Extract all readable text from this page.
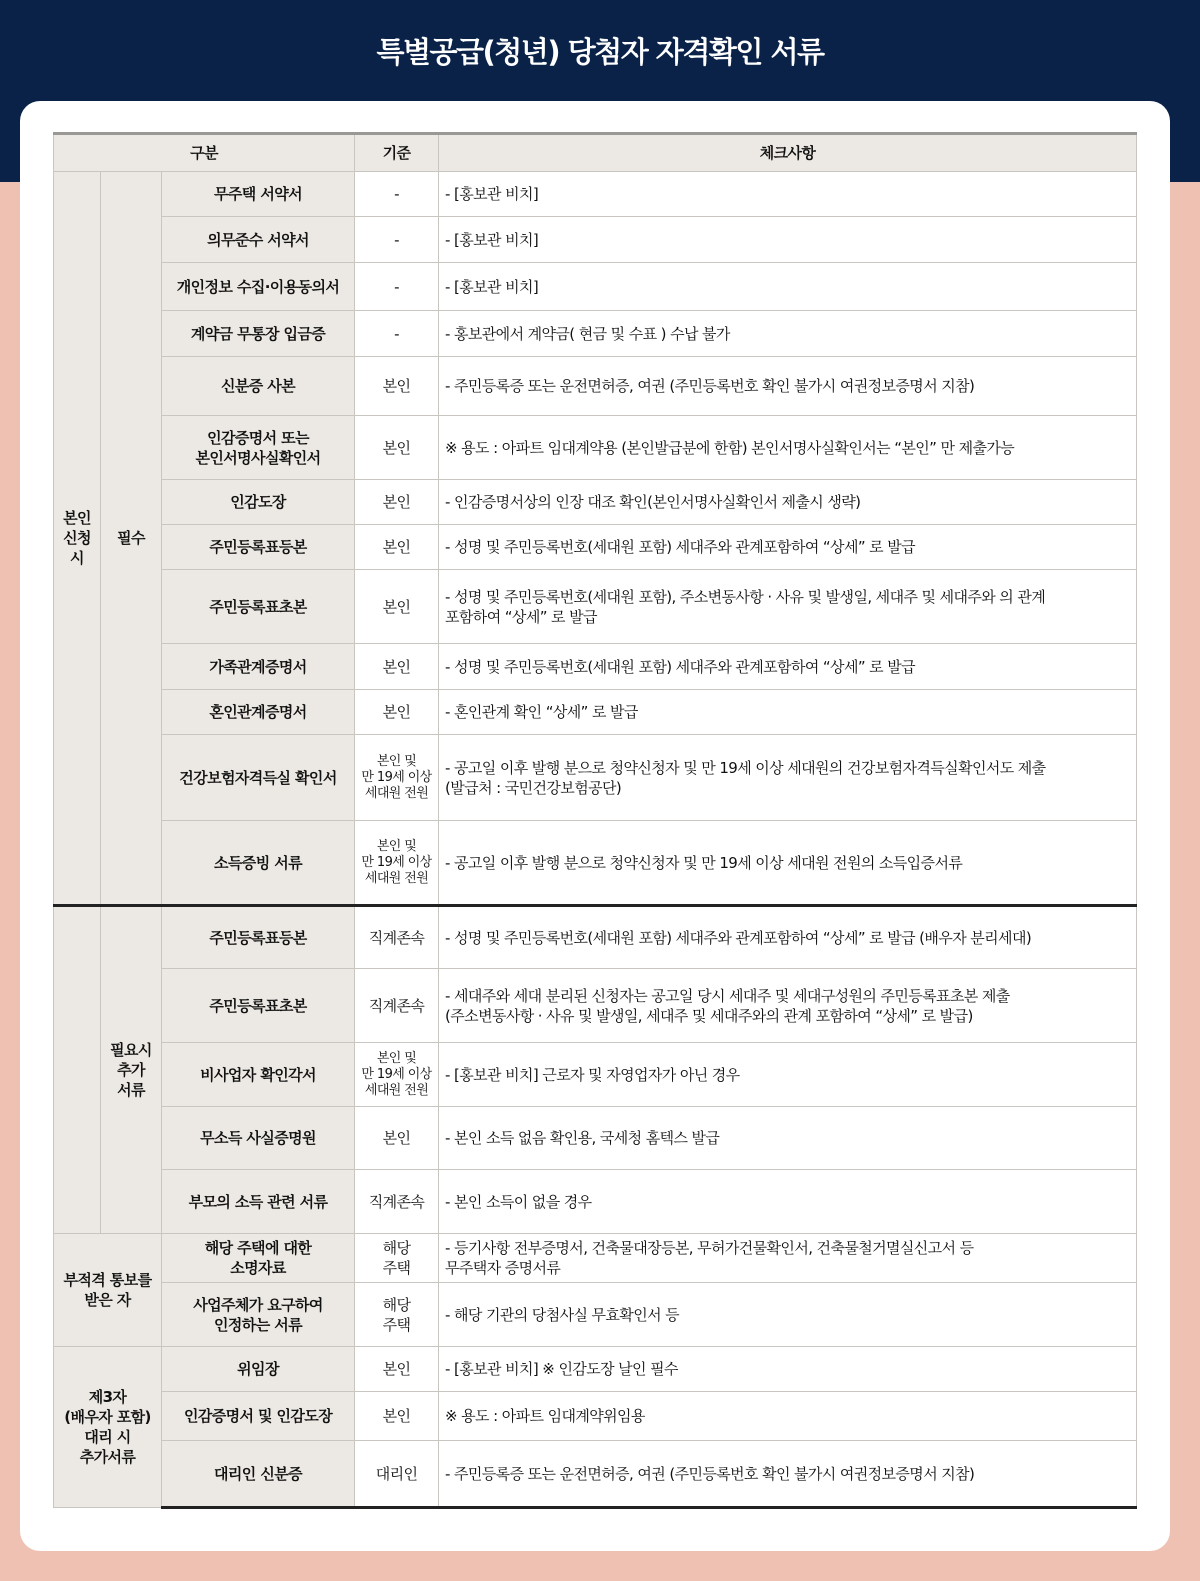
특별공급(청년) 당첨자 자격확인 서류
구분			기준	체크사항
본인
신청
시	필수	무주택 서약서	-	- [홍보관 비치]
		의무준수 서약서	-	- [홍보관 비치]
		개인정보 수집·이용동의서	-	- [홍보관 비치]
		계약금 무통장 입금증	-	- 홍보관에서 계약금( 현금 및 수표 ) 수납 불가
		신분증 사본	본인	- 주민등록증 또는 운전면허증, 여권 (주민등록번호 확인 불가시 여권정보증명서 지참)
		인감증명서 또는
본인서명사실확인서	본인	※ 용도 : 아파트 임대계약용 (본인발급분에 한함) 본인서명사실확인서는 “본인” 만 제출가능
		인감도장	본인	- 인감증명서상의 인장 대조 확인(본인서명사실확인서 제출시 생략)
		주민등록표등본	본인	- 성명 및 주민등록번호(세대원 포함) 세대주와 관계포함하여 “상세” 로 발급
		주민등록표초본	본인	- 성명 및 주민등록번호(세대원 포함), 주소변동사항 · 사유 및 발생일, 세대주 및 세대주와 의 관계
포함하여 “상세” 로 발급
		가족관계증명서	본인	- 성명 및 주민등록번호(세대원 포함) 세대주와 관계포함하여 “상세” 로 발급
		혼인관계증명서	본인	- 혼인관계 확인 “상세” 로 발급
		건강보험자격득실 확인서	본인 및
만 19세 이상
세대원 전원	- 공고일 이후 발행 분으로 청약신청자 및 만 19세 이상 세대원의 건강보험자격득실확인서도 제출
(발급처 : 국민건강보험공단)
		소득증빙 서류	본인 및
만 19세 이상
세대원 전원	- 공고일 이후 발행 분으로 청약신청자 및 만 19세 이상 세대원 전원의 소득입증서류
	필요시
추가
서류	주민등록표등본	직계존속	- 성명 및 주민등록번호(세대원 포함) 세대주와 관계포함하여 “상세” 로 발급 (배우자 분리세대)
		주민등록표초본	직계존속	- 세대주와 세대 분리된 신청자는 공고일 당시 세대주 및 세대구성원의 주민등록표초본 제출
(주소변동사항 · 사유 및 발생일, 세대주 및 세대주와의 관계 포함하여 “상세” 로 발급)
		비사업자 확인각서	본인 및
만 19세 이상
세대원 전원	- [홍보관 비치] 근로자 및 자영업자가 아닌 경우
		무소득 사실증명원	본인	- 본인 소득 없음 확인용, 국세청 홈텍스 발급
		부모의 소득 관련 서류	직계존속	- 본인 소득이 없을 경우
부적격 통보를
받은 자		해당 주택에 대한
소명자료	해당
주택	- 등기사항 전부증명서, 건축물대장등본, 무허가건물확인서, 건축물철거멸실신고서 등
무주택자 증명서류
		사업주체가 요구하여
인정하는 서류	해당
주택	- 해당 기관의 당첨사실 무효확인서 등
제3자
(배우자 포함)
대리 시
추가서류		위임장	본인	- [홍보관 비치] ※ 인감도장 날인 필수
		인감증명서 및 인감도장	본인	※ 용도 : 아파트 임대계약위임용
		대리인 신분증	대리인	- 주민등록증 또는 운전면허증, 여권 (주민등록번호 확인 불가시 여권정보증명서 지참)
